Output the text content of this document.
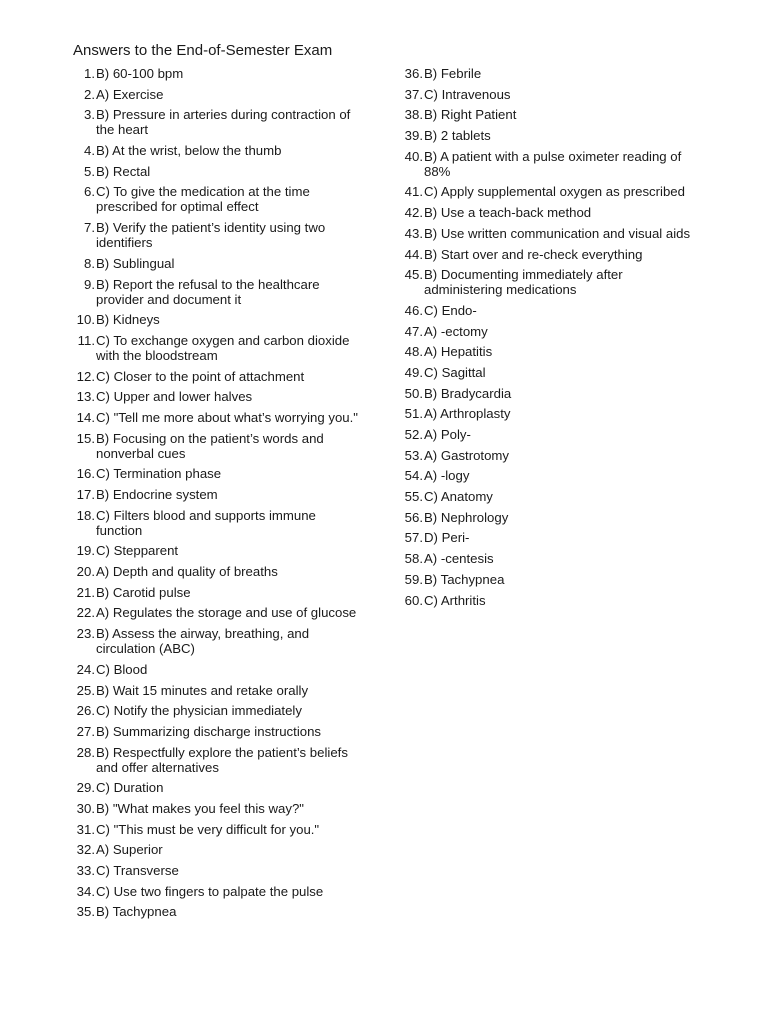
Answers to the End-of-Semester Exam
1. B) 60-100 bpm
2. A) Exercise
3. B) Pressure in arteries during contraction of the heart
4. B) At the wrist, below the thumb
5. B) Rectal
6. C) To give the medication at the time prescribed for optimal effect
7. B) Verify the patient’s identity using two identifiers
8. B) Sublingual
9. B) Report the refusal to the healthcare provider and document it
10. B) Kidneys
11. C) To exchange oxygen and carbon dioxide with the bloodstream
12. C) Closer to the point of attachment
13. C) Upper and lower halves
14. C) "Tell me more about what’s worrying you."
15. B) Focusing on the patient’s words and nonverbal cues
16. C) Termination phase
17. B) Endocrine system
18. C) Filters blood and supports immune function
19. C) Stepparent
20. A) Depth and quality of breaths
21. B) Carotid pulse
22. A) Regulates the storage and use of glucose
23. B) Assess the airway, breathing, and circulation (ABC)
24. C) Blood
25. B) Wait 15 minutes and retake orally
26. C) Notify the physician immediately
27. B) Summarizing discharge instructions
28. B) Respectfully explore the patient’s beliefs and offer alternatives
29. C) Duration
30. B) "What makes you feel this way?"
31. C) "This must be very difficult for you."
32. A) Superior
33. C) Transverse
34. C) Use two fingers to palpate the pulse
35. B) Tachypnea
36. B) Febrile
37. C) Intravenous
38. B) Right Patient
39. B) 2 tablets
40. B) A patient with a pulse oximeter reading of 88%
41. C) Apply supplemental oxygen as prescribed
42. B) Use a teach-back method
43. B) Use written communication and visual aids
44. B) Start over and re-check everything
45. B) Documenting immediately after administering medications
46. C) Endo-
47. A) -ectomy
48. A) Hepatitis
49. C) Sagittal
50. B) Bradycardia
51. A) Arthroplasty
52. A) Poly-
53. A) Gastrotomy
54. A) -logy
55. C) Anatomy
56. B) Nephrology
57. D) Peri-
58. A) -centesis
59. B) Tachypnea
60. C) Arthritis
